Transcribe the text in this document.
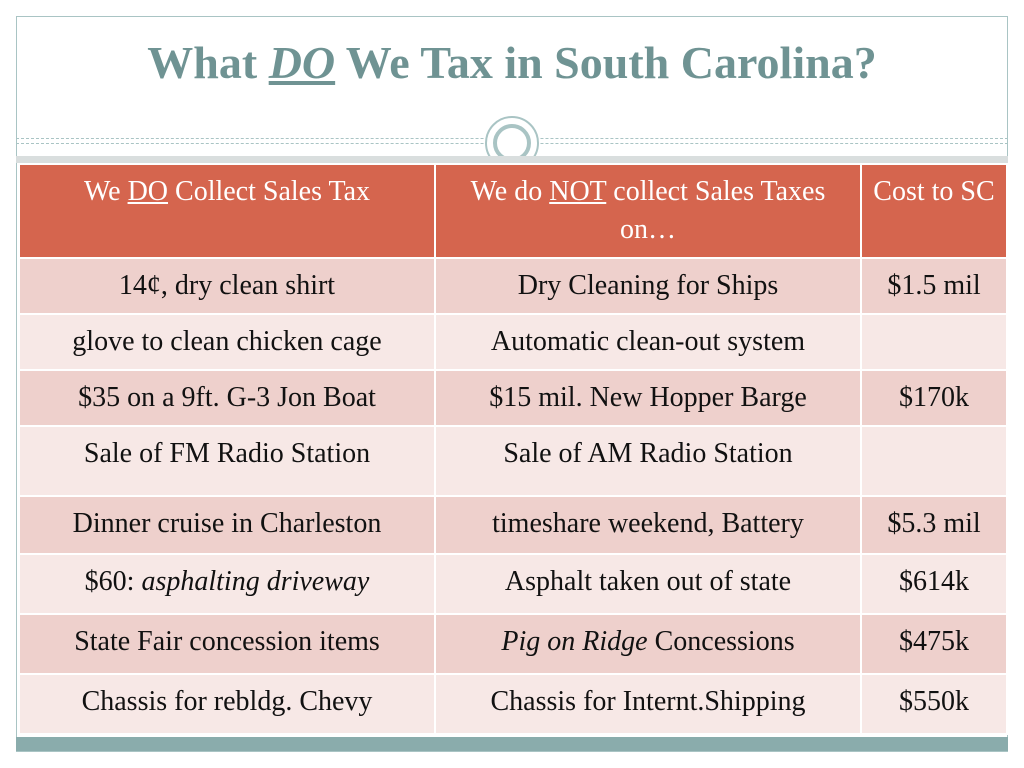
What DO We Tax in South Carolina?
We DO Collect Sales Tax	We do NOT collect Sales Taxes on…	Cost to SC
14¢, dry clean shirt	Dry Cleaning for Ships	$1.5 mil
glove to clean chicken cage	Automatic clean-out system	
$35 on a 9ft. G-3 Jon Boat	$15 mil. New Hopper Barge	$170k
Sale of FM Radio Station	Sale of AM Radio Station	
Dinner cruise in Charleston	timeshare weekend, Battery	$5.3 mil
$60: asphalting driveway	Asphalt taken out of state	$614k
State Fair concession items	Pig on Ridge Concessions	$475k
Chassis for rebldg. Chevy	Chassis for Internt.Shipping	$550k
